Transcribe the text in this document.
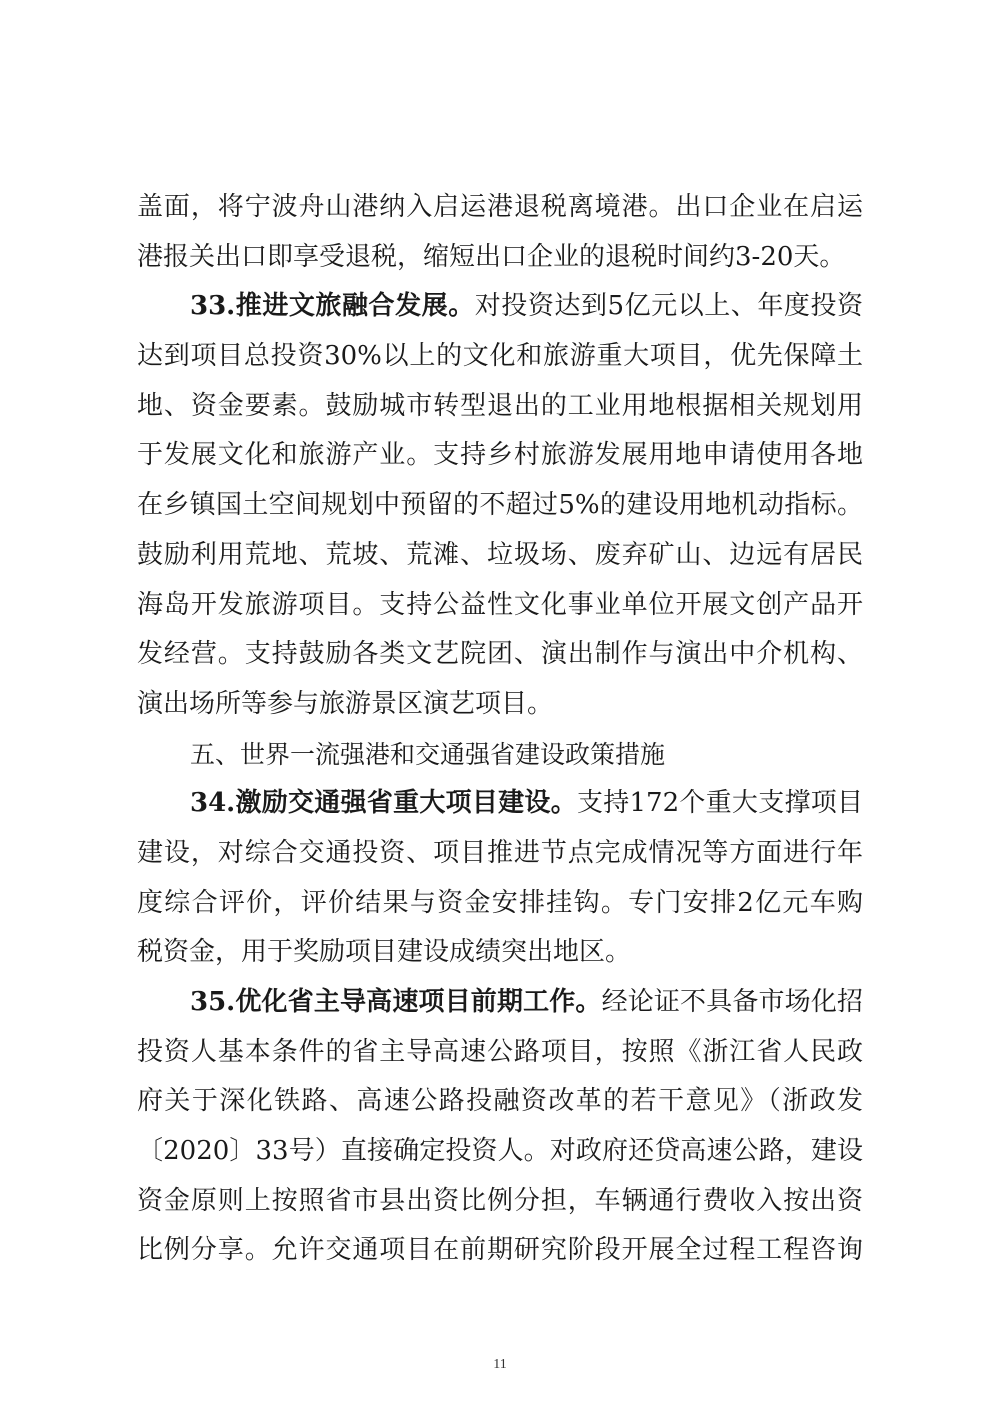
盖面，将宁波舟山港纳入启运港退税离境港。出口企业在启运
港报关出口即享受退税，缩短出口企业的退税时间约3-20天。
33.推进文旅融合发展。对投资达到5亿元以上、年度投资
达到项目总投资30%以上的文化和旅游重大项目，优先保障土
地、资金要素。鼓励城市转型退出的工业用地根据相关规划用
于发展文化和旅游产业。支持乡村旅游发展用地申请使用各地
在乡镇国土空间规划中预留的不超过5%的建设用地机动指标。
鼓励利用荒地、荒坡、荒滩、垃圾场、废弃矿山、边远有居民
海岛开发旅游项目。支持公益性文化事业单位开展文创产品开
发经营。支持鼓励各类文艺院团、演出制作与演出中介机构、
演出场所等参与旅游景区演艺项目。
五、世界一流强港和交通强省建设政策措施
34.激励交通强省重大项目建设。支持172个重大支撑项目
建设，对综合交通投资、项目推进节点完成情况等方面进行年
度综合评价，评价结果与资金安排挂钩。专门安排2亿元车购
税资金，用于奖励项目建设成绩突出地区。
35.优化省主导高速项目前期工作。经论证不具备市场化招
投资人基本条件的省主导高速公路项目，按照《浙江省人民政
府关于深化铁路、高速公路投融资改革的若干意见》（浙政发
〔2020〕33号）直接确定投资人。对政府还贷高速公路，建设
资金原则上按照省市县出资比例分担，车辆通行费收入按出资
比例分享。允许交通项目在前期研究阶段开展全过程工程咨询
11
